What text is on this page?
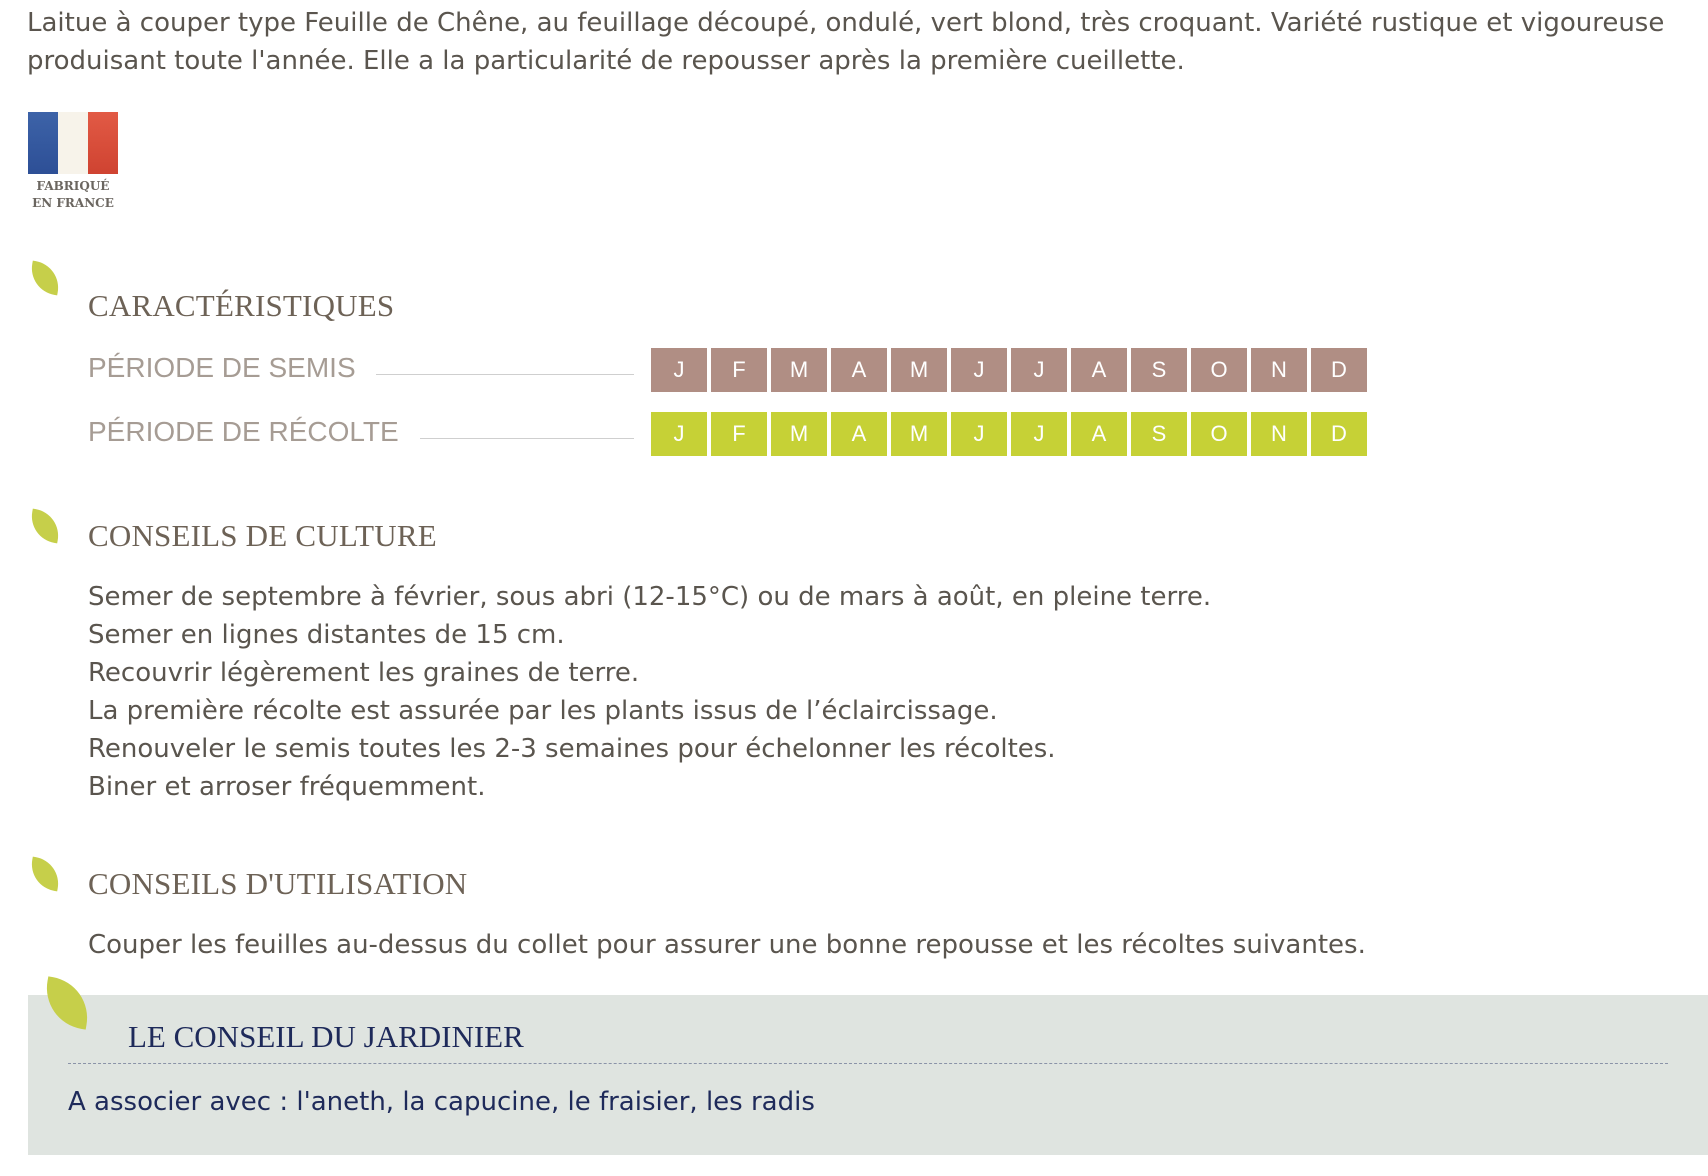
Laitue à couper type Feuille de Chêne, au feuillage découpé, ondulé, vert blond, très croquant. Variété rustique et vigoureuse
produisant toute l'année. Elle a la particularité de repousser après la première cueillette.

FABRIQUÉ
EN FRANCE
CARACTÉRISTIQUES
PÉRIODE DE SEMIS	J	F	M	A	M	J	J	A	S	O	N	D
PÉRIODE DE RÉCOLTE	J	F	M	A	M	J	J	A	S	O	N	D
CONSEILS DE CULTURE
Semer de septembre à février, sous abri (12-15°C) ou de mars à août, en pleine terre.
Semer en lignes distantes de 15 cm.
Recouvrir légèrement les graines de terre.
La première récolte est assurée par les plants issus de l’éclaircissage.
Renouveler le semis toutes les 2-3 semaines pour échelonner les récoltes.
Biner et arroser fréquemment.
CONSEILS D'UTILISATION

Couper les feuilles au-dessus du collet pour assurer une bonne repousse et les récoltes suivantes.

LE CONSEIL DU JARDINIER
A associer avec : l'aneth, la capucine, le fraisier, les radis
